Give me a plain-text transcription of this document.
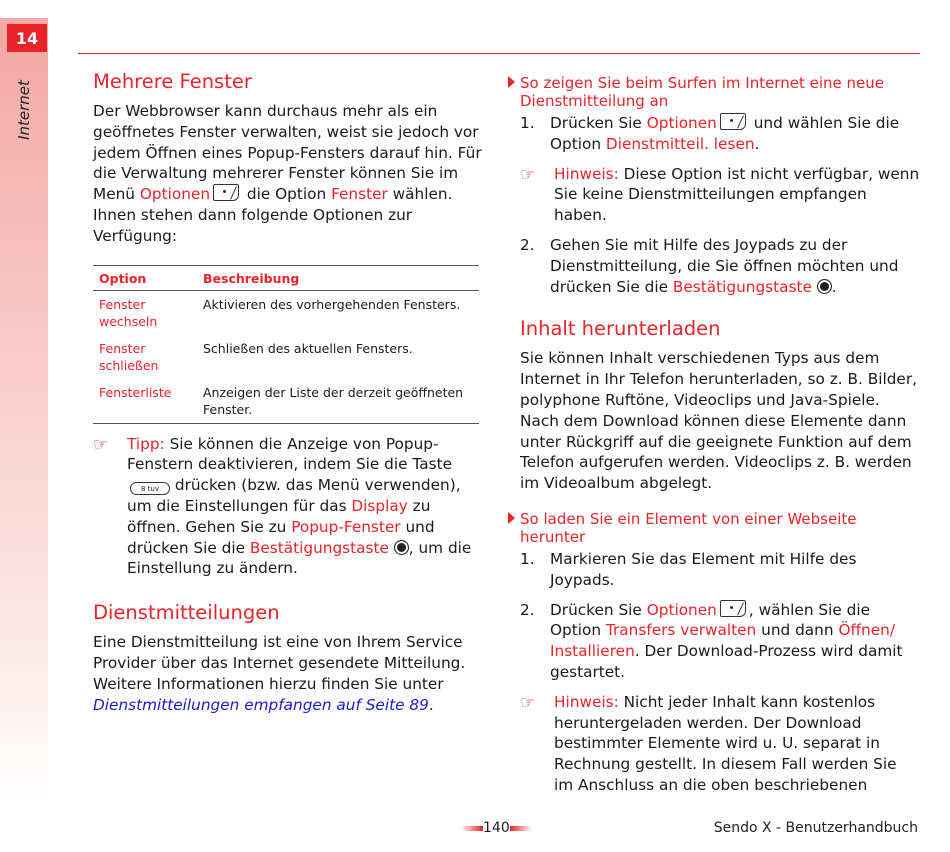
14
Internet	Mehrere Fenster

Der Webbrowser kann durchaus mehr als ein geöffnetes Fenster verwalten, weist sie jedoch vor jedem Öffnen eines Popup-Fensters darauf hin. Für die Verwaltung mehrerer Fenster können Sie im Menü Optionen
die Option Fenster wählen. Ihnen stehen dann folgende Optionen zur Verfügung:

Option	Beschreibung
Fenster wechseln	Aktivieren des vorhergehenden Fensters.
Fenster schließen	Schließen des aktuellen Fensters.
Fensterliste	Anzeigen der Liste der derzeit geöffneten Fenster.
☞ Tipp: Sie können die Anzeige von Popup-Fenstern deaktivieren, indem Sie die Taste 8 tuv drücken (bzw. das Menü verwenden), um die Einstellungen für das Display zu öffnen. Gehen Sie zu Popup-Fenster und drücken Sie die Bestätigungstaste , um die Einstellung zu ändern.
Dienstmitteilungen

Eine Dienstmitteilung ist eine von Ihrem Service Provider über das Internet gesendete Mitteilung. Weitere Informationen hierzu finden Sie unter Dienstmitteilungen empfangen auf Seite 89.

So zeigen Sie beim Surfen im Internet eine neue Dienstmitteilung an
1. Drücken Sie Optionen
und wählen Sie die Option Dienstmitteil. lesen.
☞ Hinweis: Diese Option ist nicht verfügbar, wenn Sie keine Dienstmitteilungen empfangen haben.
2. Gehen Sie mit Hilfe des Joypads zu der Dienstmitteilung, die Sie öffnen möchten und drücken Sie die Bestätigungstaste .
Inhalt herunterladen

Sie können Inhalt verschiedenen Typs aus dem Internet in Ihr Telefon herunterladen, so z. B. Bilder, polyphone Ruftöne, Videoclips und Java-Spiele. Nach dem Download können diese Elemente dann unter Rückgriff auf die geeignete Funktion auf dem Telefon aufgerufen werden. Videoclips z. B. werden im Videoalbum abgelegt.

So laden Sie ein Element von einer Webseite herunter
1. Markieren Sie das Element mit Hilfe des Joypads.
2. Drücken Sie Optionen , wählen Sie die Option Transfers verwalten und dann Öffnen/ Installieren. Der Download-Prozess wird damit gestartet.
☞ Hinweis: Nicht jeder Inhalt kann kostenlos heruntergeladen werden. Der Download bestimmter Elemente wird u. U. separat in Rechnung gestellt. In diesem Fall werden Sie im Anschluss an die oben beschriebenen
140	Sendo X - Benutzerhandbuch
